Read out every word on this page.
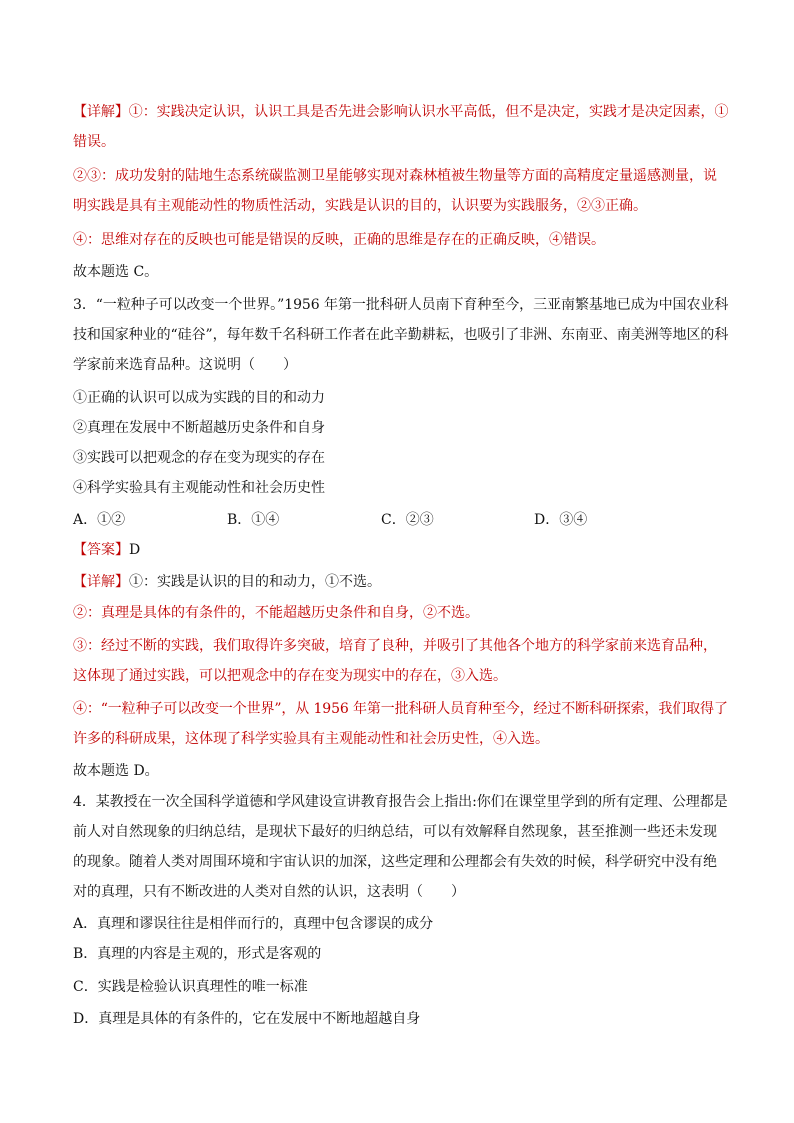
【详解】①：实践决定认识，认识工具是否先进会影响认识水平高低，但不是决定，实践才是决定因素，①
错误。
②③：成功发射的陆地生态系统碳监测卫星能够实现对森林植被生物量等方面的高精度定量遥感测量，说
明实践是具有主观能动性的物质性活动，实践是认识的目的，认识要为实践服务，②③正确。
④：思维对存在的反映也可能是错误的反映，正确的思维是存在的正确反映，④错误。
故本题选 C。
3．“一粒种子可以改变一个世界。”1956 年第一批科研人员南下育种至今，三亚南繁基地已成为中国农业科
技和国家种业的“硅谷”，每年数千名科研工作者在此辛勤耕耘，也吸引了非洲、东南亚、南美洲等地区的科
学家前来选育品种。这说明（　　）
①正确的认识可以成为实践的目的和动力
②真理在发展中不断超越历史条件和自身
③实践可以把观念的存在变为现实的存在
④科学实验具有主观能动性和社会历史性
A．①②	B．①④	C．②③	D．③④
【答案】D
【详解】①：实践是认识的目的和动力，①不选。
②：真理是具体的有条件的，不能超越历史条件和自身，②不选。
③：经过不断的实践，我们取得许多突破，培育了良种，并吸引了其他各个地方的科学家前来选育品种，
这体现了通过实践，可以把观念中的存在变为现实中的存在，③入选。
④：“一粒种子可以改变一个世界”，从 1956 年第一批科研人员育种至今，经过不断科研探索，我们取得了
许多的科研成果，这体现了科学实验具有主观能动性和社会历史性，④入选。
故本题选 D。
4．某教授在一次全国科学道德和学风建设宣讲教育报告会上指出:你们在课堂里学到的所有定理、公理都是
前人对自然现象的归纳总结，是现状下最好的归纳总结，可以有效解释自然现象，甚至推测一些还未发现
的现象。随着人类对周围环境和宇宙认识的加深，这些定理和公理都会有失效的时候，科学研究中没有绝
对的真理，只有不断改进的人类对自然的认识，这表明（　　）
A．真理和谬误往往是相伴而行的，真理中包含谬误的成分
B．真理的内容是主观的，形式是客观的
C．实践是检验认识真理性的唯一标准
D．真理是具体的有条件的，它在发展中不断地超越自身
